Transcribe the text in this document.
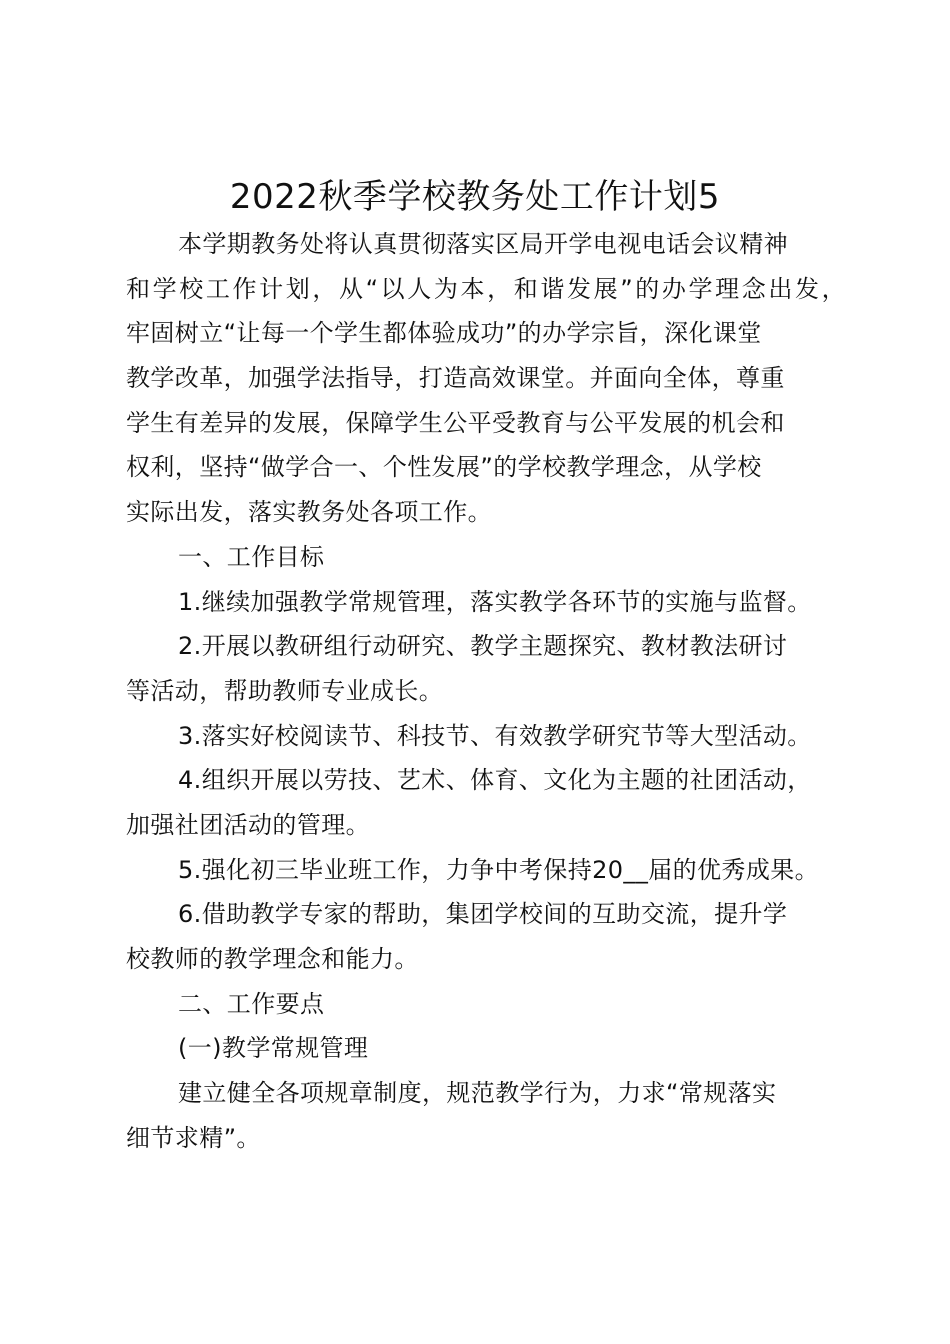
2022秋季学校教务处工作计划5
本学期教务处将认真贯彻落实区局开学电视电话会议精神
和学校工作计划，从“以人为本，和谐发展”的办学理念出发，
牢固树立“让每一个学生都体验成功”的办学宗旨，深化课堂
教学改革，加强学法指导，打造高效课堂。并面向全体，尊重
学生有差异的发展，保障学生公平受教育与公平发展的机会和
权利，坚持“做学合一、个性发展”的学校教学理念，从学校
实际出发，落实教务处各项工作。
一、工作目标
1.继续加强教学常规管理，落实教学各环节的实施与监督。
2.开展以教研组行动研究、教学主题探究、教材教法研讨
等活动，帮助教师专业成长。
3.落实好校阅读节、科技节、有效教学研究节等大型活动。
4.组织开展以劳技、艺术、体育、文化为主题的社团活动，
加强社团活动的管理。
5.强化初三毕业班工作，力争中考保持20__届的优秀成果。
6.借助教学专家的帮助，集团学校间的互助交流，提升学
校教师的教学理念和能力。
二、工作要点
(一)教学常规管理
建立健全各项规章制度，规范教学行为，力求“常规落实
细节求精”。
